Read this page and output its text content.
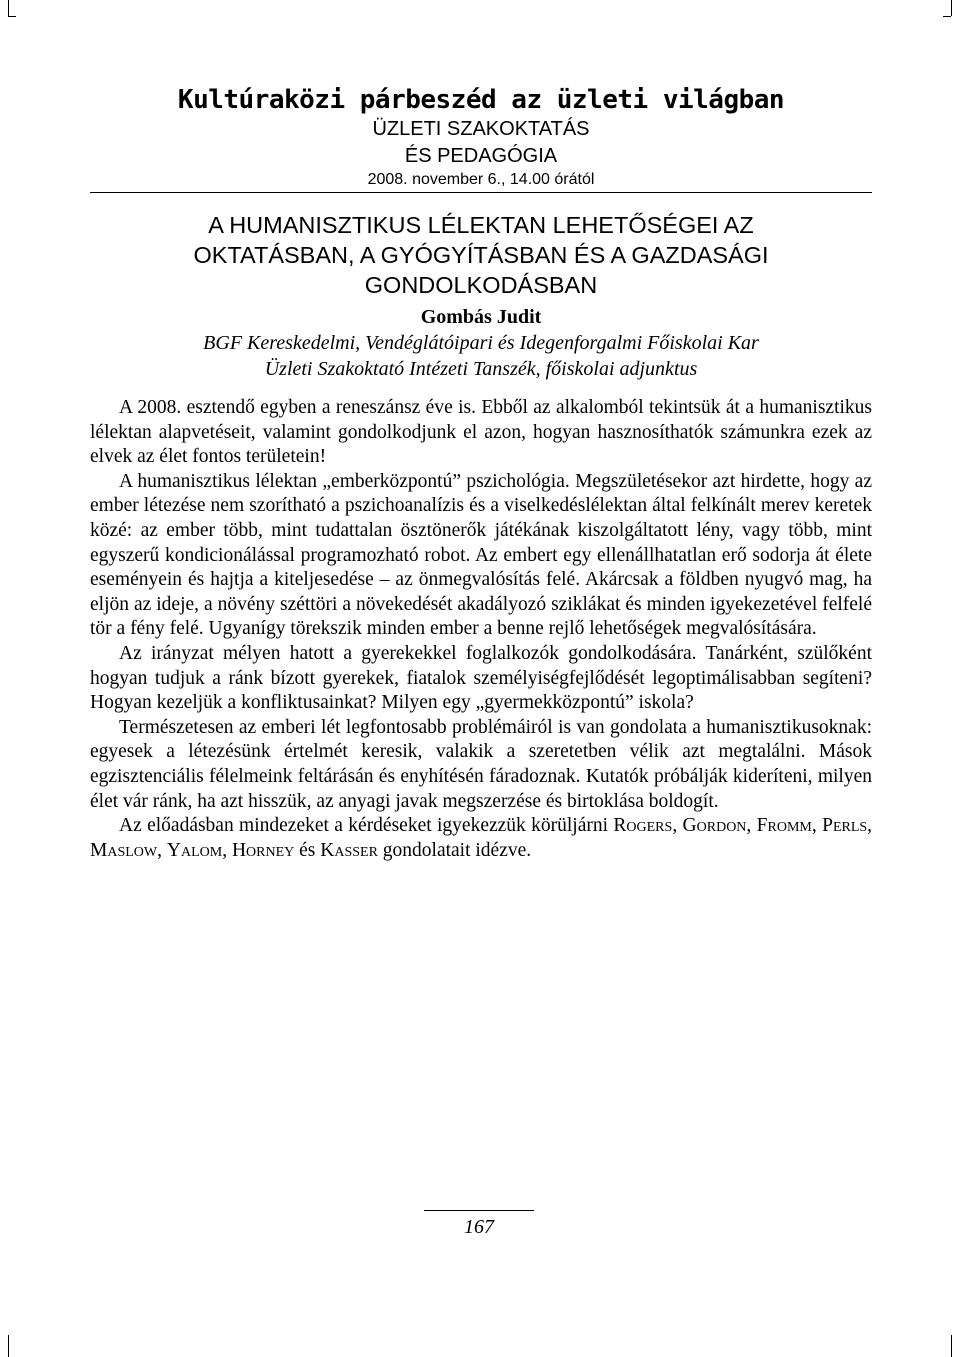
Kultúraközi párbeszéd az üzleti világban

ÜZLETI SZAKOKTATÁS

ÉS PEDAGÓGIA

2008. november 6., 14.00 órától

A HUMANISZTIKUS LÉLEKTAN LEHETŐSÉGEI AZ

OKTATÁSBAN, A GYÓGYÍTÁSBAN ÉS A GAZDASÁGI

GONDOLKODÁSBAN

Gombás Judit

BGF Kereskedelmi, Vendéglátóipari és Idegenforgalmi Főiskolai Kar

Üzleti Szakoktató Intézeti Tanszék, főiskolai adjunktus

A 2008. esztendő egyben a reneszánsz éve is. Ebből az alkalomból tekintsük át a humanisztikus lélektan alapvetéseit, valamint gondolkodjunk el azon, hogyan hasznosíthatók számunkra ezek az elvek az élet fontos területein!

A humanisztikus lélektan „emberközpontú” pszichológia. Megszületésekor azt hirdette, hogy az ember létezése nem szorítható a pszichoanalízis és a viselkedéslélektan által felkínált merev keretek közé: az ember több, mint tudattalan ösztönerők játékának kiszolgáltatott lény, vagy több, mint egyszerű kondicionálással programozható robot. Az embert egy ellenállhatatlan erő sodorja át élete eseményein és hajtja a kiteljesedése – az önmegvalósítás felé. Akárcsak a földben nyugvó mag, ha eljön az ideje, a növény széttöri a növekedését akadályozó sziklákat és minden igyekezetével felfelé tör a fény felé. Ugyanígy törekszik minden ember a benne rejlő lehetőségek megvalósítására.

Az irányzat mélyen hatott a gyerekekkel foglalkozók gondolkodására. Tanárként, szülőként hogyan tudjuk a ránk bízott gyerekek, fiatalok személyiségfejlődését legoptimálisabban segíteni? Hogyan kezeljük a konfliktusainkat? Milyen egy „gyermekközpontú” iskola?

Természetesen az emberi lét legfontosabb problémáiról is van gondolata a humanisztikusoknak: egyesek a létezésünk értelmét keresik, valakik a szeretetben vélik azt megtalálni. Mások egzisztenciális félelmeink feltárásán és enyhítésén fáradoznak. Kutatók próbálják kideríteni, milyen élet vár ránk, ha azt hisszük, az anyagi javak megszerzése és birtoklása boldogít.

Az előadásban mindezeket a kérdéseket igyekezzük körüljárni Rogers, Gordon, Fromm, Perls, Maslow, Yalom, Horney és Kasser gondolatait idézve.

167
